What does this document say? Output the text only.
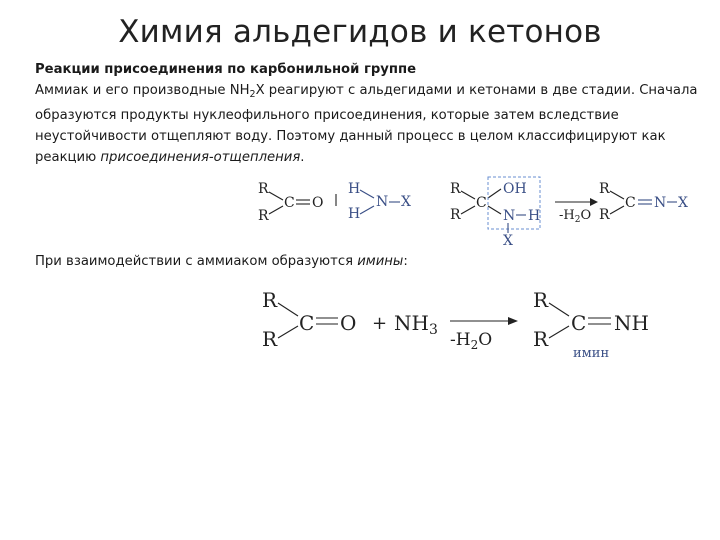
Химия альдегидов и кетонов

Реакции присоединения по карбонильной группе

Аммиак и его производные $NH_2X$ реагируют с альдегидами и кетонами в две стадии. Сначала образуются продукты нуклеофильного присоединения, которые затем вследствие неустойчивости отщепляют воду. Поэтому данный процесс в целом классифицируют как реакцию присоединения-отщепления.

При взаимодействии с аммиаком образуются имины:
R
R
C O
H
H
N X
R
R
C
OH
N H
X
$-H_2O$
R
R
C N X
R
R
C $O + NH_3$ $-H_2O$
R
R
C NH
имин
